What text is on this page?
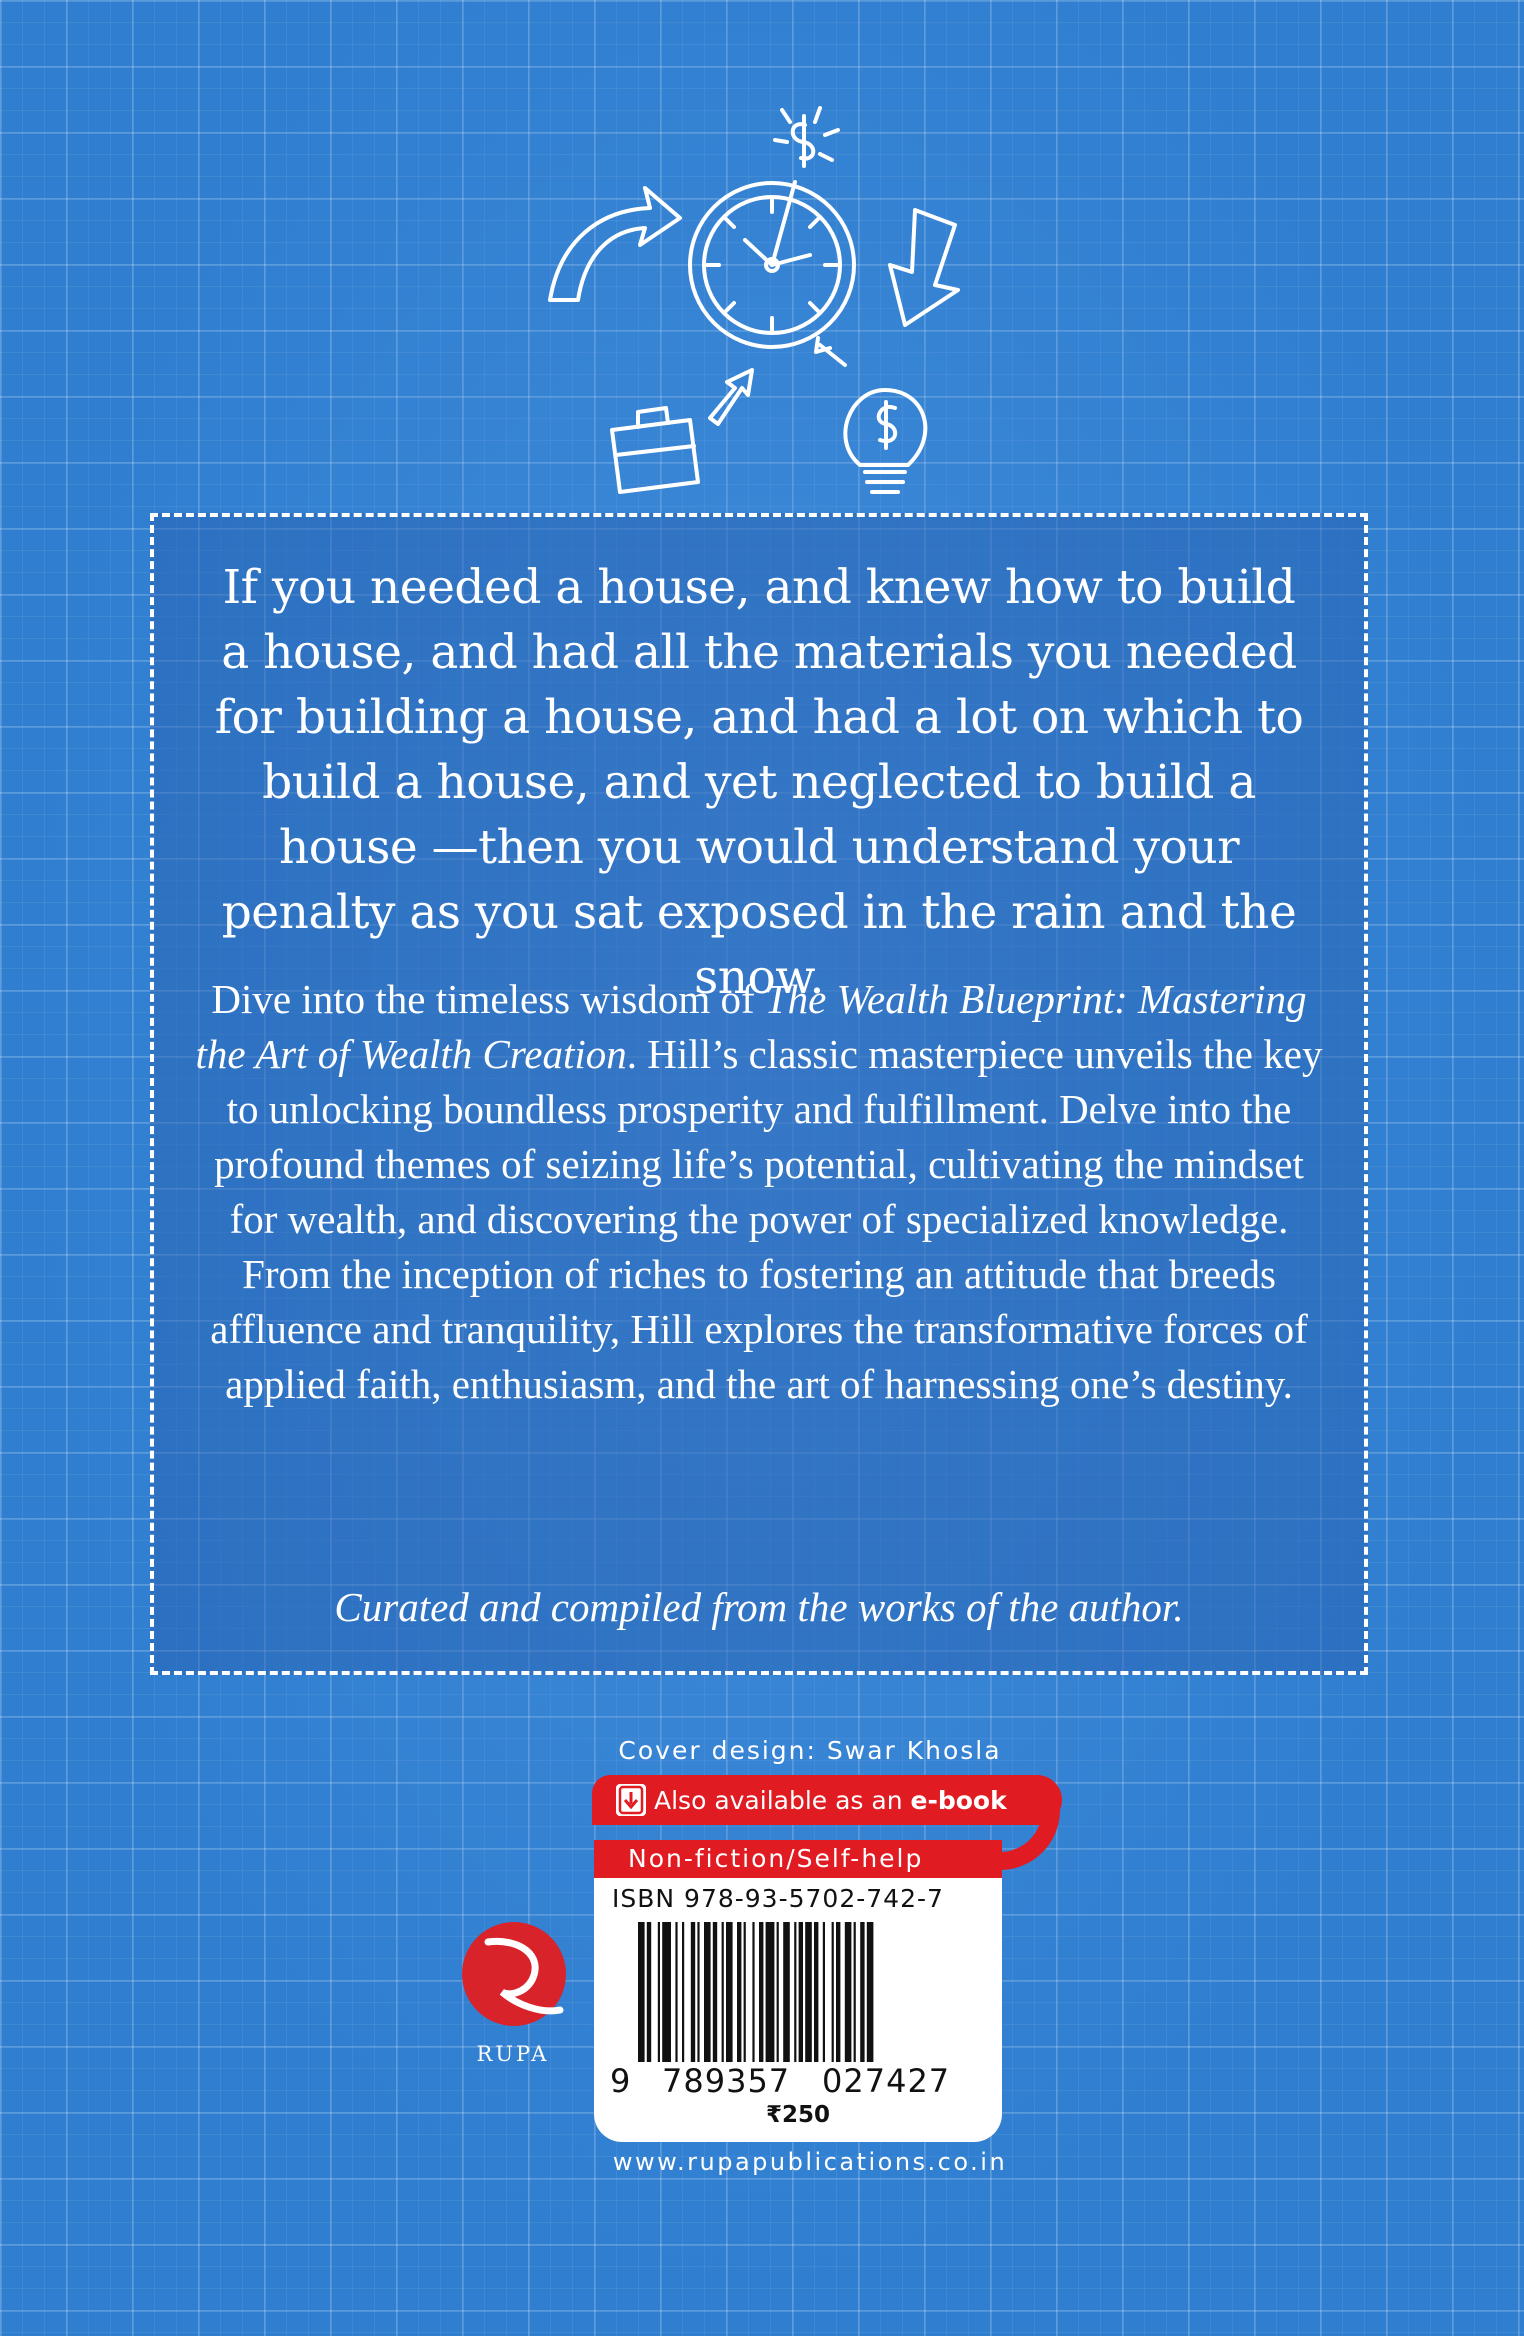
If you needed a house, and knew how to build a house, and had all the materials you needed for building a house, and had a lot on which to build a house, and yet neglected to build a house —then you would understand your penalty as you sat exposed in the rain and the snow.

Dive into the timeless wisdom of The Wealth Blueprint: Mastering the Art of Wealth Creation. Hill’s classic masterpiece unveils the key to unlocking boundless prosperity and fulfillment. Delve into the profound themes of seizing life’s potential, cultivating the mindset for wealth, and discovering the power of specialized knowledge. From the inception of riches to fostering an attitude that breeds affluence and tranquility, Hill explores the transformative forces of applied faith, enthusiasm, and the art of harnessing one’s destiny.

Curated and compiled from the works of the author.

Cover design: Swar Khosla
Also available as an e-book
Non-fiction/Self-help
ISBN 978-93-5702-742-7
9 789357 027427
₹250
RUPA
www.rupapublications.co.in
